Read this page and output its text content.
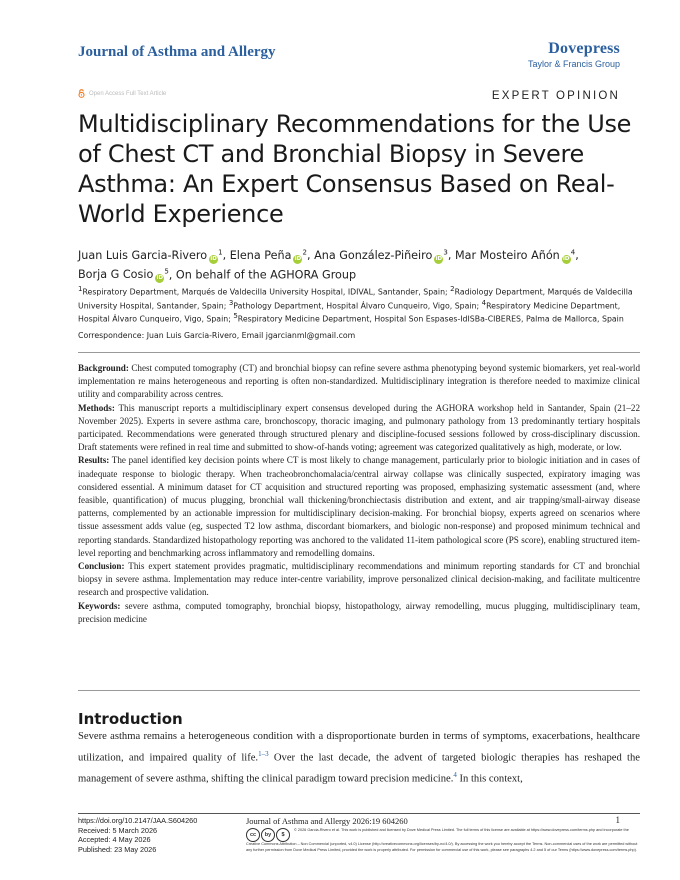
Journal of Asthma and Allergy	Dovepress
Taylor & Francis Group
Open Access Full Text Article	EXPERT OPINION
Multidisciplinary Recommendations for the Use of Chest CT and Bronchial Biopsy in Severe Asthma: An Expert Consensus Based on Real-World Experience
Juan Luis Garcia-Rivero $iD^1$, Elena Peña $iD^2$, Ana González-Piñeiro $iD^3$, Mar Mosteiro Añón $iD^4$,
Borja G Cosio $iD^5$, On behalf of the AGHORA Group
$^1$Respiratory Department, Marqués de Valdecilla University Hospital, IDIVAL, Santander, Spain; $^2$Radiology Department, Marqués de Valdecilla University Hospital, Santander, Spain; $^3$Pathology Department, Hospital Álvaro Cunqueiro, Vigo, Spain; $^4$Respiratory Medicine Department, Hospital Álvaro Cunqueiro, Vigo, Spain; $^5$Respiratory Medicine Department, Hospital Son Espases-IdISBa-CIBERES, Palma de Mallorca, Spain
Correspondence: Juan Luis Garcia-Rivero, Email jgarcianml@gmail.com

Background: Chest computed tomography (CT) and bronchial biopsy can refine severe asthma phenotyping beyond systemic biomarkers, yet real-world implementation re mains heterogeneous and reporting is often non-standardized. Multidisciplinary integration is therefore needed to maximize clinical utility and comparability across centres.

Methods: This manuscript reports a multidisciplinary expert consensus developed during the AGHORA workshop held in Santander, Spain (21–22 November 2025). Experts in severe asthma care, bronchoscopy, thoracic imaging, and pulmonary pathology from 13 predominantly tertiary hospitals participated. Recommendations were generated through structured plenary and discipline-focused sessions followed by cross-disciplinary discussion. Draft statements were refined in real time and submitted to show-of-hands voting; agreement was categorized qualitatively as high, moderate, or low.

Results: The panel identified key decision points where CT is most likely to change management, particularly prior to biologic initiation and in cases of inadequate response to biologic therapy. When tracheobronchomalacia/central airway collapse was clinically suspected, expiratory imaging was considered essential. A minimum dataset for CT acquisition and structured reporting was proposed, emphasizing systematic assessment (and, where feasible, quantification) of mucus plugging, bronchial wall thickening/bronchiectasis distribution and extent, and air trapping/small-airway disease patterns, complemented by an actionable impression for multidisciplinary decision-making. For bronchial biopsy, experts agreed on scenarios where tissue assessment adds value (eg, suspected T2 low asthma, discordant biomarkers, and biologic non-response) and proposed minimum technical and reporting standards. Standardized histopathology reporting was anchored to the validated 11-item pathological score (PS score), enabling structured item-level reporting and benchmarking across inflammatory and remodelling domains.

Conclusion: This expert statement provides pragmatic, multidisciplinary recommendations and minimum reporting standards for CT and bronchial biopsy in severe asthma. Implementation may reduce inter-centre variability, improve personalized clinical decision-making, and facilitate multicentre research and prospective validation.

Keywords: severe asthma, computed tomography, bronchial biopsy, histopathology, airway remodelling, mucus plugging, multidisciplinary team, precision medicine

Introduction
Severe asthma remains a heterogeneous condition with a disproportionate burden in terms of symptoms, exacerbations, healthcare utilization, and impaired quality of life.$^{1-3}$ Over the last decade, the advent of targeted biologic therapies has reshaped the management of severe asthma, shifting the clinical paradigm toward precision medicine.$^4$ In this context,
https://doi.org/10.2147/JAA.S604260
Received: 5 March 2026
Accepted: 4 May 2026
Published: 23 May 2026
Journal of Asthma and Allergy 2026:19 604260	1
cc by $© 2026 Garcia-Rivero et al. This work is published and licensed by Dove Medical Press Limited. The full terms of this license are available at https://www.dovepress.com/terms.php and incorporate the Creative Commons Attribution – Non Commercial (unported, v4.0) License (http://creativecommons.org/licenses/by-nc/4.0/). By accessing the work you hereby accept the Terms. Non-commercial uses of the work are permitted without any further permission from Dove Medical Press Limited, provided the work is properly attributed. For permission for commercial use of this work, please see paragraphs 4.2 and 5 of our Terms (https://www.dovepress.com/terms.php).
